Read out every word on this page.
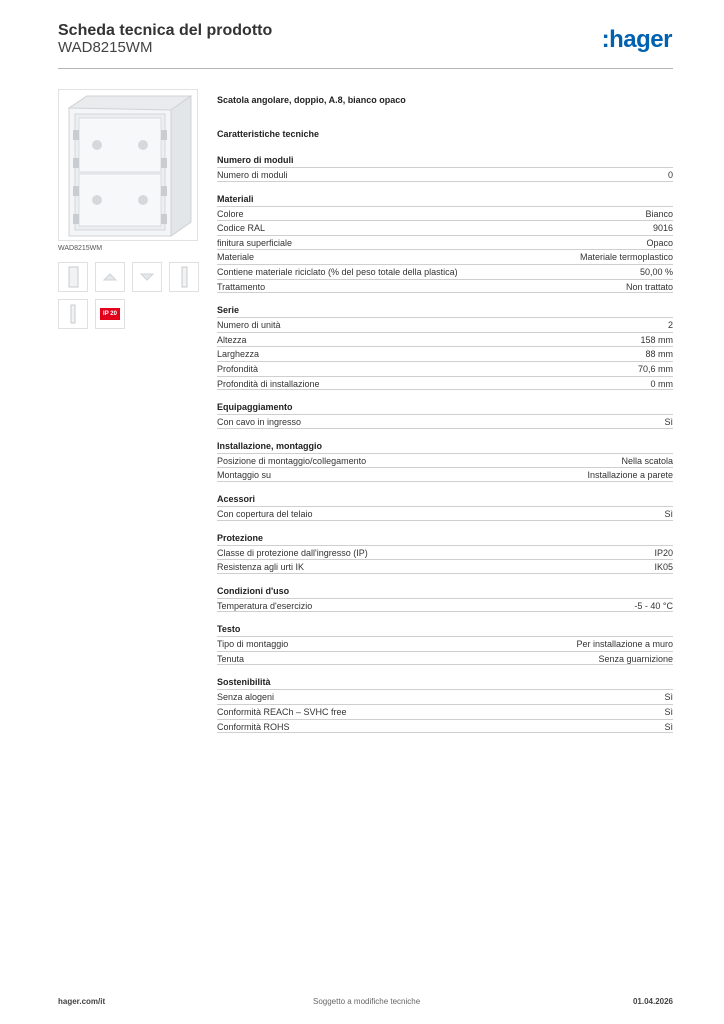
Scheda tecnica del prodotto
WAD8215WM	:hager
WAD8215WM
IP 20
Scatola angolare, doppio, A.8, bianco opaco
Caratteristiche tecniche
Numero di moduli
Numero di moduli	0
Materiali
Colore	Bianco
Codice RAL	9016
finitura superficiale	Opaco
Materiale	Materiale termoplastico
Contiene materiale riciclato (% del peso totale della plastica)	50,00 %
Trattamento	Non trattato
Serie
Numero di unità	2
Altezza	158 mm
Larghezza	88 mm
Profondità	70,6 mm
Profondità di installazione	0 mm
Equipaggiamento
Con cavo in ingresso	Sì
Installazione, montaggio
Posizione di montaggio/collegamento	Nella scatola
Montaggio su	Installazione a parete
Acessori
Con copertura del telaio	Sì
Protezione
Classe di protezione dall'ingresso (IP)	IP20
Resistenza agli urti IK	IK05
Condizioni d'uso
Temperatura d'esercizio	-5 - 40 °C
Testo
Tipo di montaggio	Per installazione a muro
Tenuta	Senza guarnizione
Sostenibilità
Senza alogeni	Sì
Conformità REACh – SVHC free	Sì
Conformità ROHS	Sì
hager.com/it	Soggetto a modifiche tecniche	01.04.2026
